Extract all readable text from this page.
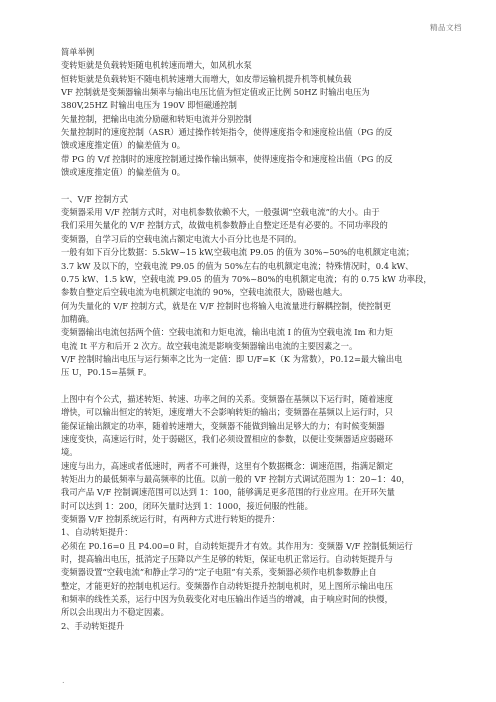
精品文档
简单举例
变转矩就是负载转矩随电机转速而增大，如风机水泵
恒转矩就是负载转矩不随电机转速增大而增大，如皮带运输机提升机等机械负载
VF 控制就是变频器输出频率与输出电压比值为恒定值或正比例 50HZ 时输出电压为
380V,25HZ 时输出电压为 190V 即恒磁通控制
矢量控制，把输出电流分励磁和转矩电流并分别控制
矢量控制时的速度控制（ASR）通过操作转矩指令，使得速度指令和速度检出值（PG 的反
馈或速度推定值）的偏差值为 0。
带 PG 的 V/f 控制时的速度控制通过操作输出频率，使得速度指令和速度检出值（PG 的反
馈或速度推定值）的偏差值为 0。
一、V/F 控制方式
变频器采用 V/F 控制方式时，对电机参数依赖不大，一般强调“空载电流”的大小。由于
我们采用矢量化的 V/F 控制方式，故做电机参数静止自整定还是有必要的。不同功率段的
变频器，自学习后的空载电流占额定电流大小百分比也是不同的。
一般有如下百分比数据：5.5kW~15 kW,空载电流 P9.05 的值为 30%~50%的电机额定电流；
3.7 kW 及以下的，空载电流 P9.05 的值为 50%左右的电机额定电流；特殊情况时，0.4 kW、
0.75 kW、1.5 kW，空载电流 P9.05 的值为 70%~80%的电机额定电流；有的 0.75 kW 功率段，
参数自整定后空载电流为电机额定电流的 90%，空载电流很大，励磁也越大。
何为失量化的 V/F 控制方式，就是在 V/F 控制时也将输入电流量进行解耦控制，使控制更
加精确。
变频器输出电流包括两个值：空载电流和力矩电流，输出电流 I 的值为空载电流 Im 和力矩
电流 It 平方和后开 2 次方。故空载电流是影响变频器输出电流的主要因素之一。
V/F 控制时输出电压与运行频率之比为一定值：即 U/F=K（K 为常数），P0.12=最大输出电
压 U，P0.15=基频 F。
上图中有个公式，描述转矩、转速、功率之间的关系。变频器在基频以下运行时，随着速度
增快，可以输出恒定的转矩，速度增大不会影响转矩的输出；变频器在基频以上运行时，只
能保证输出额定的功率，随着转速增大，变频器不能做到输出足够大的力；有时候变频器
速度变快，高速运行时，处于弱磁区，我们必须设置相应的参数，以便让变频器适应弱磁环
境。
速度与出力，高速或者低速时，两者不可兼得，这里有个数据概念：调速范围，指满足额定
转矩出力的最低频率与最高频率的比值。以前一般的 VF 控制方式调试范围为 1：20~1：40，
我司产品 V/F 控制调速范围可以达到 1：100，能够满足更多范围的行业应用。在开环矢量
时可以达到 1：200，闭环矢量时达到 1：1000，接近伺服的性能。
变频器 V/F 控制系统运行时，有两种方式进行转矩的提升：
1、自动转矩提升：
必须在 P0.16=0 且 P4.00=0 时，自动转矩提升才有效。其作用为：变频器 V/F 控制低频运行
时，提高输出电压，抵消定子压降以产生足够的转矩，保证电机正常运行。自动转矩提升与
变频器设置“空载电流”和静止学习的“定子电阻”有关系，变频器必须作电机参数静止自
整定，才能更好的控制电机运行。变频器作自动转矩提升控制电机时，见上图所示输出电压
和频率的线性关系，运行中因为负载变化对电压输出作适当的增减，由于响应时间的快慢，
所以会出现出力不稳定因素。
2、手动转矩提升
.
